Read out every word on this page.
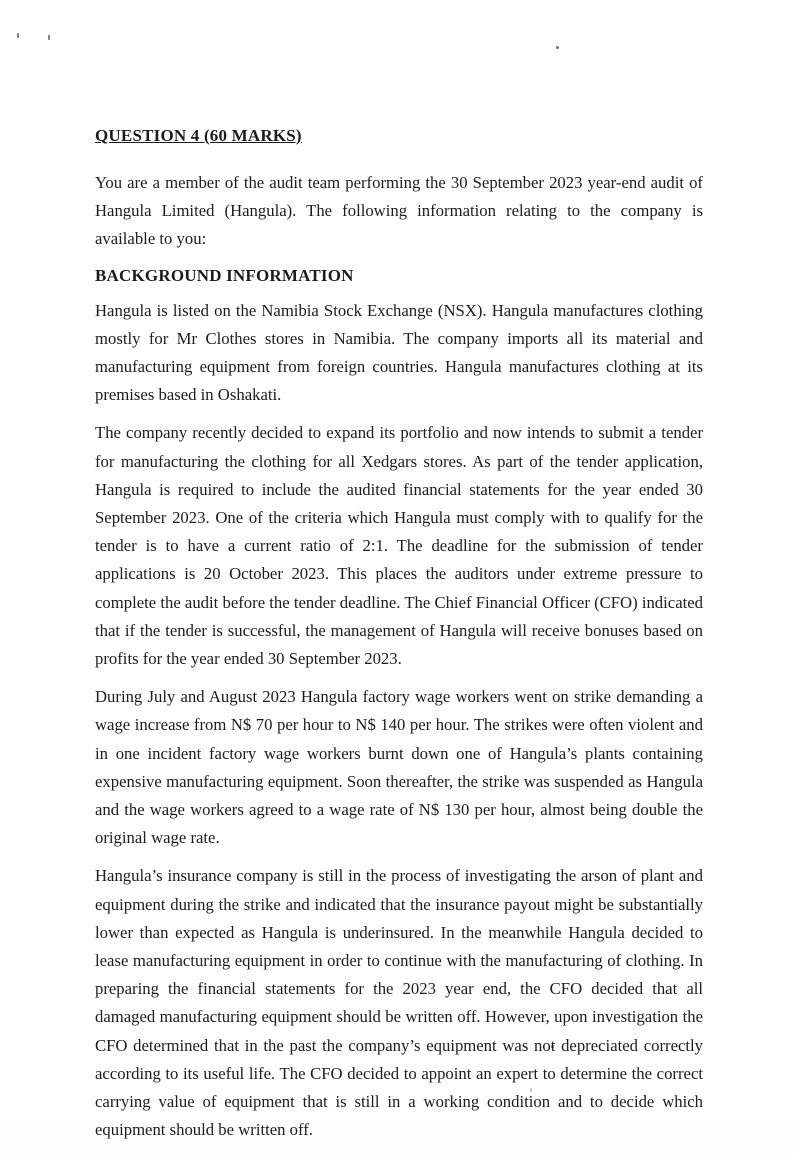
QUESTION 4 (60 MARKS)

You are a member of the audit team performing the 30 September 2023 year-end audit of Hangula Limited (Hangula). The following information relating to the company is available to you:

BACKGROUND INFORMATION

Hangula is listed on the Namibia Stock Exchange (NSX). Hangula manufactures clothing mostly for Mr Clothes stores in Namibia. The company imports all its material and manufacturing equipment from foreign countries. Hangula manufactures clothing at its premises based in Oshakati.

The company recently decided to expand its portfolio and now intends to submit a tender for manufacturing the clothing for all Xedgars stores. As part of the tender application, Hangula is required to include the audited financial statements for the year ended 30 September 2023. One of the criteria which Hangula must comply with to qualify for the tender is to have a current ratio of 2:1. The deadline for the submission of tender applications is 20 October 2023. This places the auditors under extreme pressure to complete the audit before the tender deadline. The Chief Financial Officer (CFO) indicated that if the tender is successful, the management of Hangula will receive bonuses based on profits for the year ended 30 September 2023.

During July and August 2023 Hangula factory wage workers went on strike demanding a wage increase from N$ 70 per hour to N$ 140 per hour. The strikes were often violent and in one incident factory wage workers burnt down one of Hangula’s plants containing expensive manufacturing equipment. Soon thereafter, the strike was suspended as Hangula and the wage workers agreed to a wage rate of N$ 130 per hour, almost being double the original wage rate.

Hangula’s insurance company is still in the process of investigating the arson of plant and equipment during the strike and indicated that the insurance payout might be substantially lower than expected as Hangula is underinsured. In the meanwhile Hangula decided to lease manufacturing equipment in order to continue with the manufacturing of clothing. In preparing the financial statements for the 2023 year end, the CFO decided that all damaged manufacturing equipment should be written off. However, upon investigation the CFO determined that in the past the company’s equipment was not depreciated correctly according to its useful life. The CFO decided to appoint an expert to determine the correct carrying value of equipment that is still in a working condition and to decide which equipment should be written off.
